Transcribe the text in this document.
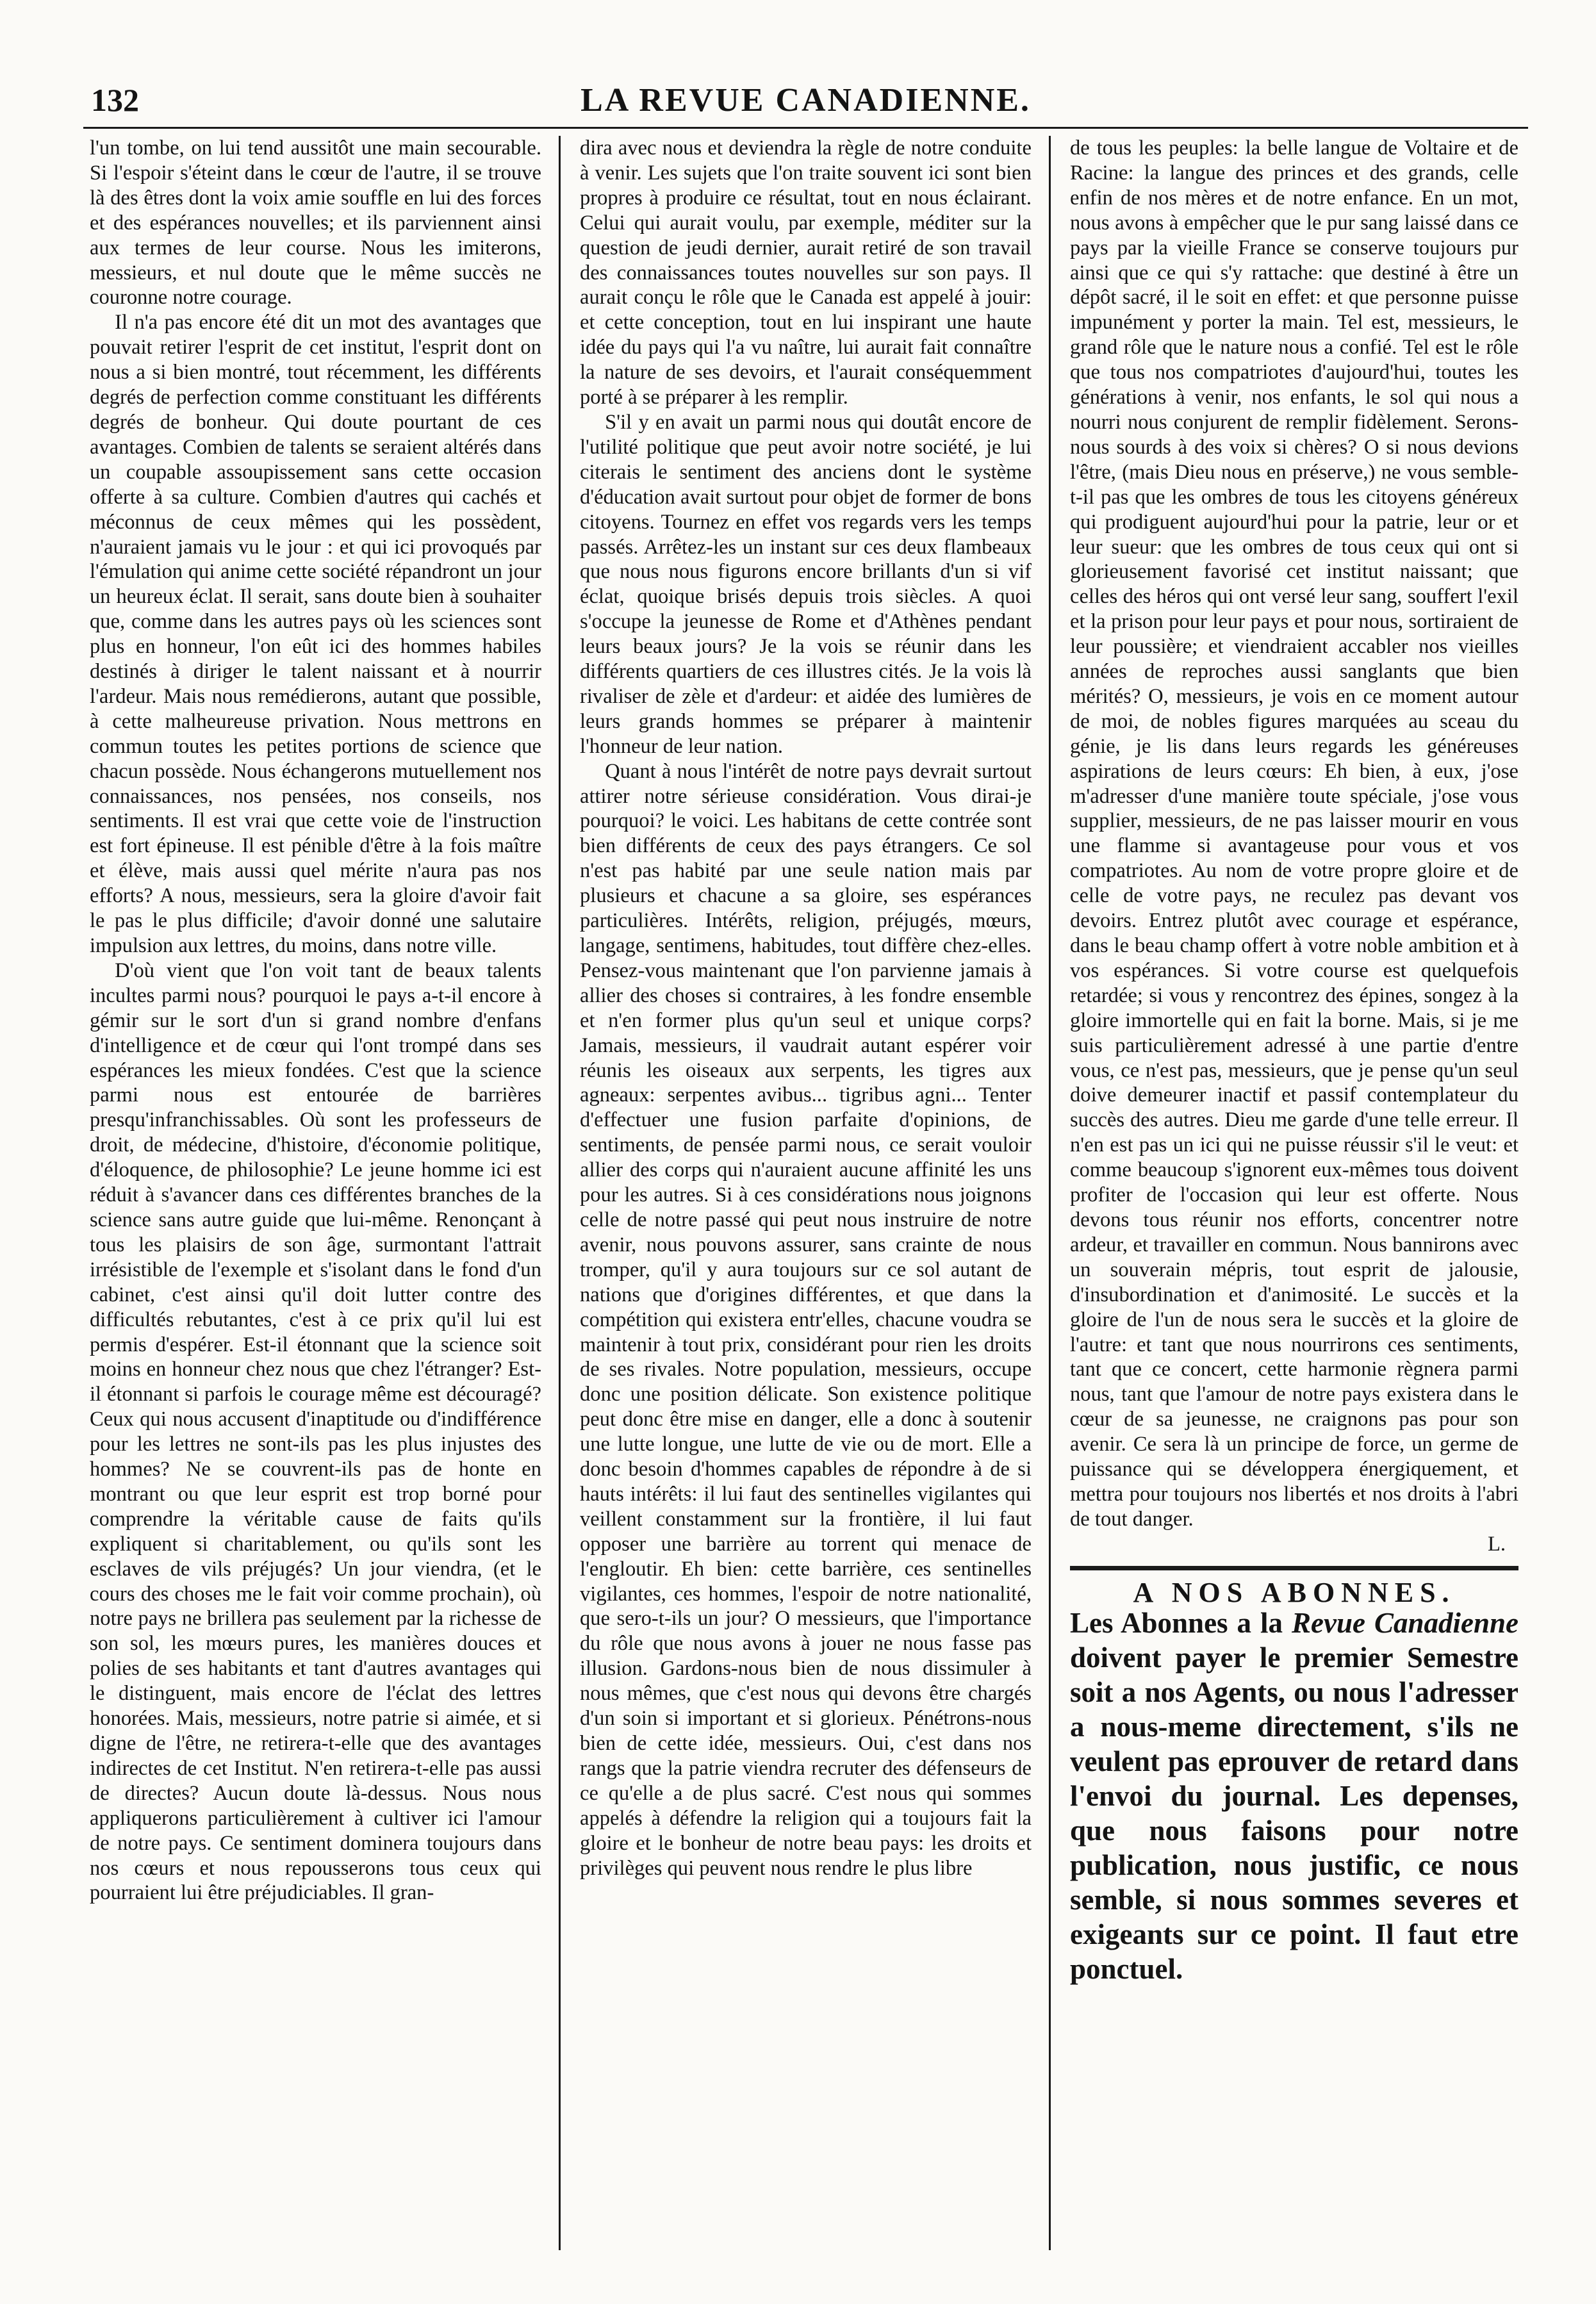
132	LA REVUE CANADIENNE.

l'un tombe, on lui tend aussitôt une main secourable. Si l'espoir s'éteint dans le cœur de l'autre, il se trouve là des êtres dont la voix amie souffle en lui des forces et des espérances nouvelles; et ils parviennent ainsi aux termes de leur course. Nous les imiterons, messieurs, et nul doute que le même succès ne couronne notre courage.

Il n'a pas encore été dit un mot des avantages que pouvait retirer l'esprit de cet institut, l'esprit dont on nous a si bien montré, tout récemment, les différents degrés de perfection comme constituant les différents degrés de bonheur. Qui doute pourtant de ces avantages. Combien de talents se seraient altérés dans un coupable assoupissement sans cette occasion offerte à sa culture. Combien d'autres qui cachés et méconnus de ceux mêmes qui les possèdent, n'auraient jamais vu le jour : et qui ici provoqués par l'émulation qui anime cette société répandront un jour un heureux éclat. Il serait, sans doute bien à souhaiter que, comme dans les autres pays où les sciences sont plus en honneur, l'on eût ici des hommes habiles destinés à diriger le talent naissant et à nourrir l'ardeur. Mais nous remédierons, autant que possible, à cette malheureuse privation. Nous mettrons en commun toutes les petites portions de science que chacun possède. Nous échangerons mutuellement nos connaissances, nos pensées, nos conseils, nos sentiments. Il est vrai que cette voie de l'instruction est fort épineuse. Il est pénible d'être à la fois maître et élève, mais aussi quel mérite n'aura pas nos efforts? A nous, messieurs, sera la gloire d'avoir fait le pas le plus difficile; d'avoir donné une salutaire impulsion aux lettres, du moins, dans notre ville.

D'où vient que l'on voit tant de beaux talents incultes parmi nous? pourquoi le pays a-t-il encore à gémir sur le sort d'un si grand nombre d'enfans d'intelligence et de cœur qui l'ont trompé dans ses espérances les mieux fondées. C'est que la science parmi nous est entourée de barrières presqu'infranchissables. Où sont les professeurs de droit, de médecine, d'histoire, d'économie politique, d'éloquence, de philosophie? Le jeune homme ici est réduit à s'avancer dans ces différentes branches de la science sans autre guide que lui-même. Renonçant à tous les plaisirs de son âge, surmontant l'attrait irrésistible de l'exemple et s'isolant dans le fond d'un cabinet, c'est ainsi qu'il doit lutter contre des difficultés rebutantes, c'est à ce prix qu'il lui est permis d'espérer. Est-il étonnant que la science soit moins en honneur chez nous que chez l'étranger? Est-il étonnant si parfois le courage même est découragé? Ceux qui nous accusent d'inaptitude ou d'indifférence pour les lettres ne sont-ils pas les plus injustes des hommes? Ne se couvrent-ils pas de honte en montrant ou que leur esprit est trop borné pour comprendre la véritable cause de faits qu'ils expliquent si charitablement, ou qu'ils sont les esclaves de vils préjugés? Un jour viendra, (et le cours des choses me le fait voir comme prochain), où notre pays ne brillera pas seulement par la richesse de son sol, les mœurs pures, les manières douces et polies de ses habitants et tant d'autres avantages qui le distinguent, mais encore de l'éclat des lettres honorées. Mais, messieurs, notre patrie si aimée, et si digne de l'être, ne retirera-t-elle que des avantages indirectes de cet Institut. N'en retirera-t-elle pas aussi de directes? Aucun doute là-dessus. Nous nous appliquerons particulièrement à cultiver ici l'amour de notre pays. Ce sentiment dominera toujours dans nos cœurs et nous repousserons tous ceux qui pourraient lui être préjudiciables. Il gran-

dira avec nous et deviendra la règle de notre conduite à venir. Les sujets que l'on traite souvent ici sont bien propres à produire ce résultat, tout en nous éclairant. Celui qui aurait voulu, par exemple, méditer sur la question de jeudi dernier, aurait retiré de son travail des connaissances toutes nouvelles sur son pays. Il aurait conçu le rôle que le Canada est appelé à jouir: et cette conception, tout en lui inspirant une haute idée du pays qui l'a vu naître, lui aurait fait connaître la nature de ses devoirs, et l'aurait conséquemment porté à se préparer à les remplir.

S'il y en avait un parmi nous qui doutât encore de l'utilité politique que peut avoir notre société, je lui citerais le sentiment des anciens dont le système d'éducation avait surtout pour objet de former de bons citoyens. Tournez en effet vos regards vers les temps passés. Arrêtez-les un instant sur ces deux flambeaux que nous nous figurons encore brillants d'un si vif éclat, quoique brisés depuis trois siècles. A quoi s'occupe la jeunesse de Rome et d'Athènes pendant leurs beaux jours? Je la vois se réunir dans les différents quartiers de ces illustres cités. Je la vois là rivaliser de zèle et d'ardeur: et aidée des lumières de leurs grands hommes se préparer à maintenir l'honneur de leur nation.

Quant à nous l'intérêt de notre pays devrait surtout attirer notre sérieuse considération. Vous dirai-je pourquoi? le voici. Les habitans de cette contrée sont bien différents de ceux des pays étrangers. Ce sol n'est pas habité par une seule nation mais par plusieurs et chacune a sa gloire, ses espérances particulières. Intérêts, religion, préjugés, mœurs, langage, sentimens, habitudes, tout diffère chez-elles. Pensez-vous maintenant que l'on parvienne jamais à allier des choses si contraires, à les fondre ensemble et n'en former plus qu'un seul et unique corps? Jamais, messieurs, il vaudrait autant espérer voir réunis les oiseaux aux serpents, les tigres aux agneaux: serpentes avibus... tigribus agni... Tenter d'effectuer une fusion parfaite d'opinions, de sentiments, de pensée parmi nous, ce serait vouloir allier des corps qui n'auraient aucune affinité les uns pour les autres. Si à ces considérations nous joignons celle de notre passé qui peut nous instruire de notre avenir, nous pouvons assurer, sans crainte de nous tromper, qu'il y aura toujours sur ce sol autant de nations que d'origines différentes, et que dans la compétition qui existera entr'elles, chacune voudra se maintenir à tout prix, considérant pour rien les droits de ses rivales. Notre population, messieurs, occupe donc une position délicate. Son existence politique peut donc être mise en danger, elle a donc à soutenir une lutte longue, une lutte de vie ou de mort. Elle a donc besoin d'hommes capables de répondre à de si hauts intérêts: il lui faut des sentinelles vigilantes qui veillent constamment sur la frontière, il lui faut opposer une barrière au torrent qui menace de l'engloutir. Eh bien: cette barrière, ces sentinelles vigilantes, ces hommes, l'espoir de notre nationalité, que sero-t-ils un jour? O messieurs, que l'importance du rôle que nous avons à jouer ne nous fasse pas illusion. Gardons-nous bien de nous dissimuler à nous mêmes, que c'est nous qui devons être chargés d'un soin si important et si glorieux. Pénétrons-nous bien de cette idée, messieurs. Oui, c'est dans nos rangs que la patrie viendra recruter des défenseurs de ce qu'elle a de plus sacré. C'est nous qui sommes appelés à défendre la religion qui a toujours fait la gloire et le bonheur de notre beau pays: les droits et privilèges qui peuvent nous rendre le plus libre

de tous les peuples: la belle langue de Voltaire et de Racine: la langue des princes et des grands, celle enfin de nos mères et de notre enfance. En un mot, nous avons à empêcher que le pur sang laissé dans ce pays par la vieille France se conserve toujours pur ainsi que ce qui s'y rattache: que destiné à être un dépôt sacré, il le soit en effet: et que personne puisse impunément y porter la main. Tel est, messieurs, le grand rôle que le nature nous a confié. Tel est le rôle que tous nos compatriotes d'aujourd'hui, toutes les générations à venir, nos enfants, le sol qui nous a nourri nous conjurent de remplir fidèlement. Serons-nous sourds à des voix si chères? O si nous devions l'être, (mais Dieu nous en préserve,) ne vous semble-t-il pas que les ombres de tous les citoyens généreux qui prodiguent aujourd'hui pour la patrie, leur or et leur sueur: que les ombres de tous ceux qui ont si glorieusement favorisé cet institut naissant; que celles des héros qui ont versé leur sang, souffert l'exil et la prison pour leur pays et pour nous, sortiraient de leur poussière; et viendraient accabler nos vieilles années de reproches aussi sanglants que bien mérités? O, messieurs, je vois en ce moment autour de moi, de nobles figures marquées au sceau du génie, je lis dans leurs regards les généreuses aspirations de leurs cœurs: Eh bien, à eux, j'ose m'adresser d'une manière toute spéciale, j'ose vous supplier, messieurs, de ne pas laisser mourir en vous une flamme si avantageuse pour vous et vos compatriotes. Au nom de votre propre gloire et de celle de votre pays, ne reculez pas devant vos devoirs. Entrez plutôt avec courage et espérance, dans le beau champ offert à votre noble ambition et à vos espérances. Si votre course est quelquefois retardée; si vous y rencontrez des épines, songez à la gloire immortelle qui en fait la borne. Mais, si je me suis particulièrement adressé à une partie d'entre vous, ce n'est pas, messieurs, que je pense qu'un seul doive demeurer inactif et passif contemplateur du succès des autres. Dieu me garde d'une telle erreur. Il n'en est pas un ici qui ne puisse réussir s'il le veut: et comme beaucoup s'ignorent eux-mêmes tous doivent profiter de l'occasion qui leur est offerte. Nous devons tous réunir nos efforts, concentrer notre ardeur, et travailler en commun. Nous bannirons avec un souverain mépris, tout esprit de jalousie, d'insubordination et d'animosité. Le succès et la gloire de l'un de nous sera le succès et la gloire de l'autre: et tant que nous nourrirons ces sentiments, tant que ce concert, cette harmonie règnera parmi nous, tant que l'amour de notre pays existera dans le cœur de sa jeunesse, ne craignons pas pour son avenir. Ce sera là un principe de force, un germe de puissance qui se développera énergiquement, et mettra pour toujours nos libertés et nos droits à l'abri de tout danger.

L.

A NOS ABONNES.

Les Abonnes a la Revue Canadienne doivent payer le premier Semestre soit a nos Agents, ou nous l'adresser a nous-meme directement, s'ils ne veulent pas eprouver de retard dans l'envoi du journal. Les depenses, que nous faisons pour notre publication, nous justific, ce nous semble, si nous sommes severes et exigeants sur ce point. Il faut etre ponctuel.
